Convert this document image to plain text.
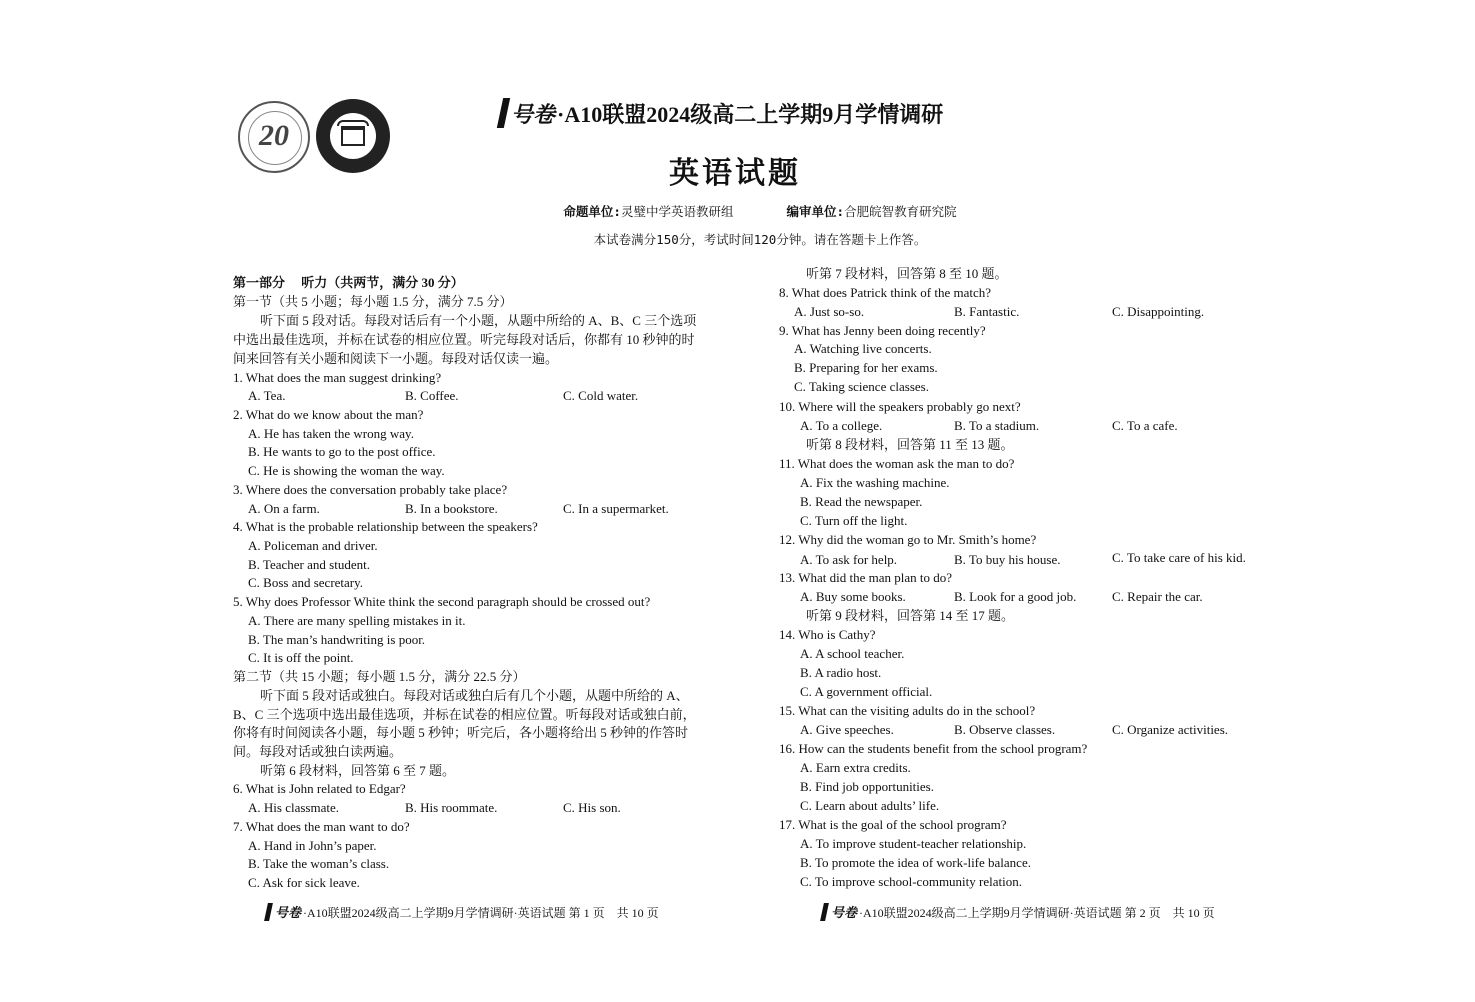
20
号卷·A10联盟2024级高二上学期9月学情调研
英语试题
命题单位:灵璧中学英语教研组	编审单位:合肥皖智教育研究院
本试卷满分150分，考试时间120分钟。请在答题卡上作答。
第一部分　 听力（共两节，满分 30 分）
第一节（共 5 小题；每小题 1.5 分，满分 7.5 分）
听下面 5 段对话。每段对话后有一个小题，从题中所给的 A、B、C 三个选项
中选出最佳选项，并标在试卷的相应位置。听完每段对话后，你都有 10 秒钟的时
间来回答有关小题和阅读下一小题。每段对话仅读一遍。
1. What does the man suggest drinking?
A. Tea.	B. Coffee.	C. Cold water.
2. What do we know about the man?
A. He has taken the wrong way.
B. He wants to go to the post office.
C. He is showing the woman the way.
3. Where does the conversation probably take place?
A. On a farm.	B. In a bookstore.	C. In a supermarket.
4. What is the probable relationship between the speakers?
A. Policeman and driver.
B. Teacher and student.
C. Boss and secretary.
5. Why does Professor White think the second paragraph should be crossed out?
A. There are many spelling mistakes in it.
B. The man’s handwriting is poor.
C. It is off the point.
第二节（共 15 小题；每小题 1.5 分，满分 22.5 分）
听下面 5 段对话或独白。每段对话或独白后有几个小题，从题中所给的 A、
B、C 三个选项中选出最佳选项，并标在试卷的相应位置。听每段对话或独白前，
你将有时间阅读各小题，每小题 5 秒钟；听完后，各小题将给出 5 秒钟的作答时
间。每段对话或独白读两遍。
听第 6 段材料，回答第 6 至 7 题。
6. What is John related to Edgar?
A. His classmate.	B. His roommate.	C. His son.
7. What does the man want to do?
A. Hand in John’s paper.
B. Take the woman’s class.
C. Ask for sick leave.
号卷 ·A10联盟2024级高二上学期9月学情调研·英语试题 第 1 页　共 10 页
听第 7 段材料，回答第 8 至 10 题。
8. What does Patrick think of the match?
A. Just so-so.	B. Fantastic.	C. Disappointing.
9. What has Jenny been doing recently?
A. Watching live concerts.
B. Preparing for her exams.
C. Taking science classes.
10. Where will the speakers probably go next?
A. To a college.	B. To a stadium.	C. To a cafe.
听第 8 段材料，回答第 11 至 13 题。
11. What does the woman ask the man to do?
A. Fix the washing machine.
B. Read the newspaper.
C. Turn off the light.
12. Why did the woman go to Mr. Smith’s home?
A. To ask for help.	B. To buy his house.	C. To take care of his kid.
13. What did the man plan to do?
A. Buy some books.	B. Look for a good job.	C. Repair the car.
听第 9 段材料，回答第 14 至 17 题。
14. Who is Cathy?
A. A school teacher.
B. A radio host.
C. A government official.
15. What can the visiting adults do in the school?
A. Give speeches.	B. Observe classes.	C. Organize activities.
16. How can the students benefit from the school program?
A. Earn extra credits.
B. Find job opportunities.
C. Learn about adults’ life.
17. What is the goal of the school program?
A. To improve student-teacher relationship.
B. To promote the idea of work-life balance.
C. To improve school-community relation.
号卷 ·A10联盟2024级高二上学期9月学情调研·英语试题 第 2 页　共 10 页
